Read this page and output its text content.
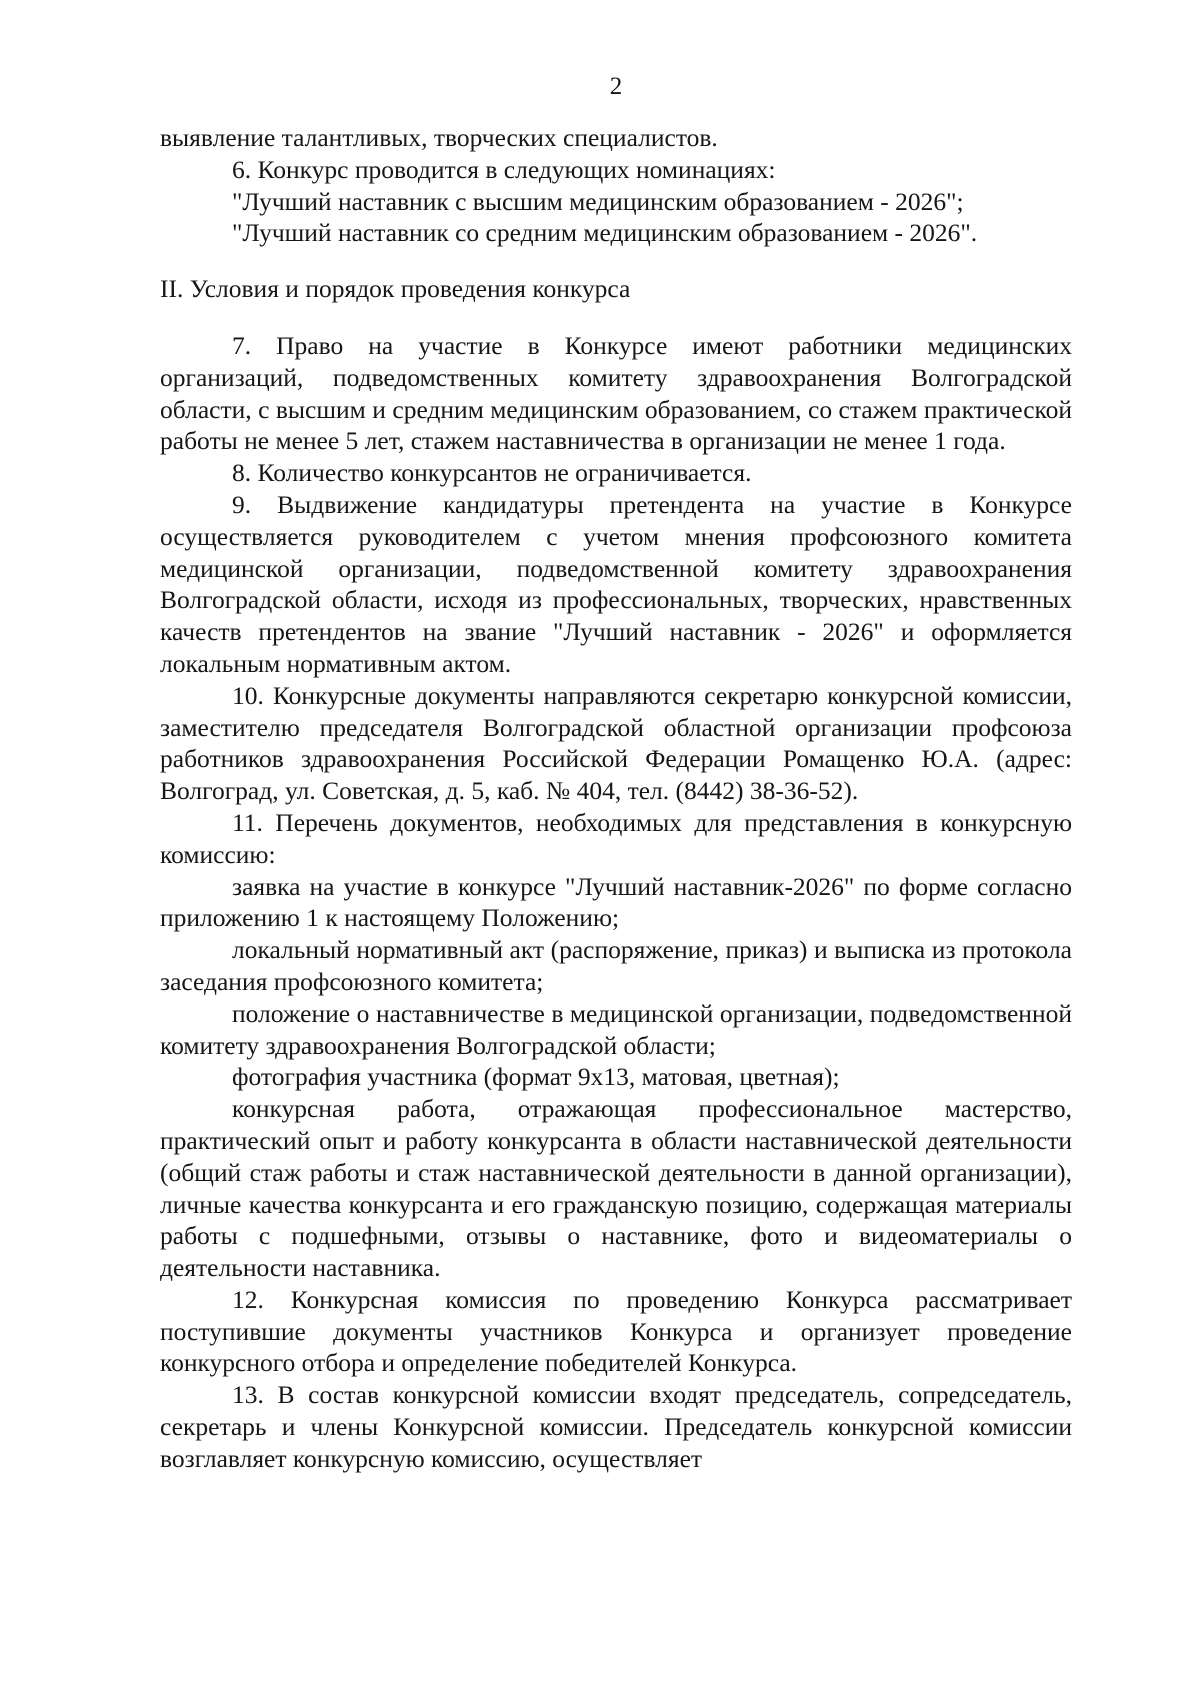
2

выявление талантливых, творческих специалистов.

6. Конкурс проводится в следующих номинациях:

"Лучший наставник с высшим медицинским образованием - 2026";

"Лучший наставник со средним медицинским образованием - 2026".

II. Условия и порядок проведения конкурса

7. Право на участие в Конкурсе имеют работники медицинских организаций, подведомственных комитету здравоохранения Волгоградской области, с высшим и средним медицинским образованием, со стажем практической работы не менее 5 лет, стажем наставничества в организации не менее 1 года.

8. Количество конкурсантов не ограничивается.

9. Выдвижение кандидатуры претендента на участие в Конкурсе осуществляется руководителем с учетом мнения профсоюзного комитета медицинской организации, подведомственной комитету здравоохранения Волгоградской области, исходя из профессиональных, творческих, нравственных качеств претендентов на звание "Лучший наставник - 2026" и оформляется локальным нормативным актом.

10. Конкурсные документы направляются секретарю конкурсной комиссии, заместителю председателя Волгоградской областной организации профсоюза работников здравоохранения Российской Федерации Ромащенко Ю.А. (адрес: Волгоград, ул. Советская, д. 5, каб. № 404, тел. (8442) 38-36-52).

11. Перечень документов, необходимых для представления в конкурсную комиссию:

заявка на участие в конкурсе "Лучший наставник-2026" по форме согласно приложению 1 к настоящему Положению;

локальный нормативный акт (распоряжение, приказ) и выписка из протокола заседания профсоюзного комитета;

положение о наставничестве в медицинской организации, подведомственной комитету здравоохранения Волгоградской области;

фотография участника (формат 9х13, матовая, цветная);

конкурсная работа, отражающая профессиональное мастерство, практический опыт и работу конкурсанта в области наставнической деятельности (общий стаж работы и стаж наставнической деятельности в данной организации), личные качества конкурсанта и его гражданскую позицию, содержащая материалы работы с подшефными, отзывы о наставнике, фото и видеоматериалы о деятельности наставника.

12. Конкурсная комиссия по проведению Конкурса рассматривает поступившие документы участников Конкурса и организует проведение конкурсного отбора и определение победителей Конкурса.

13. В состав конкурсной комиссии входят председатель, сопредседатель, секретарь и члены Конкурсной комиссии. Председатель конкурсной комиссии возглавляет конкурсную комиссию, осуществляет
